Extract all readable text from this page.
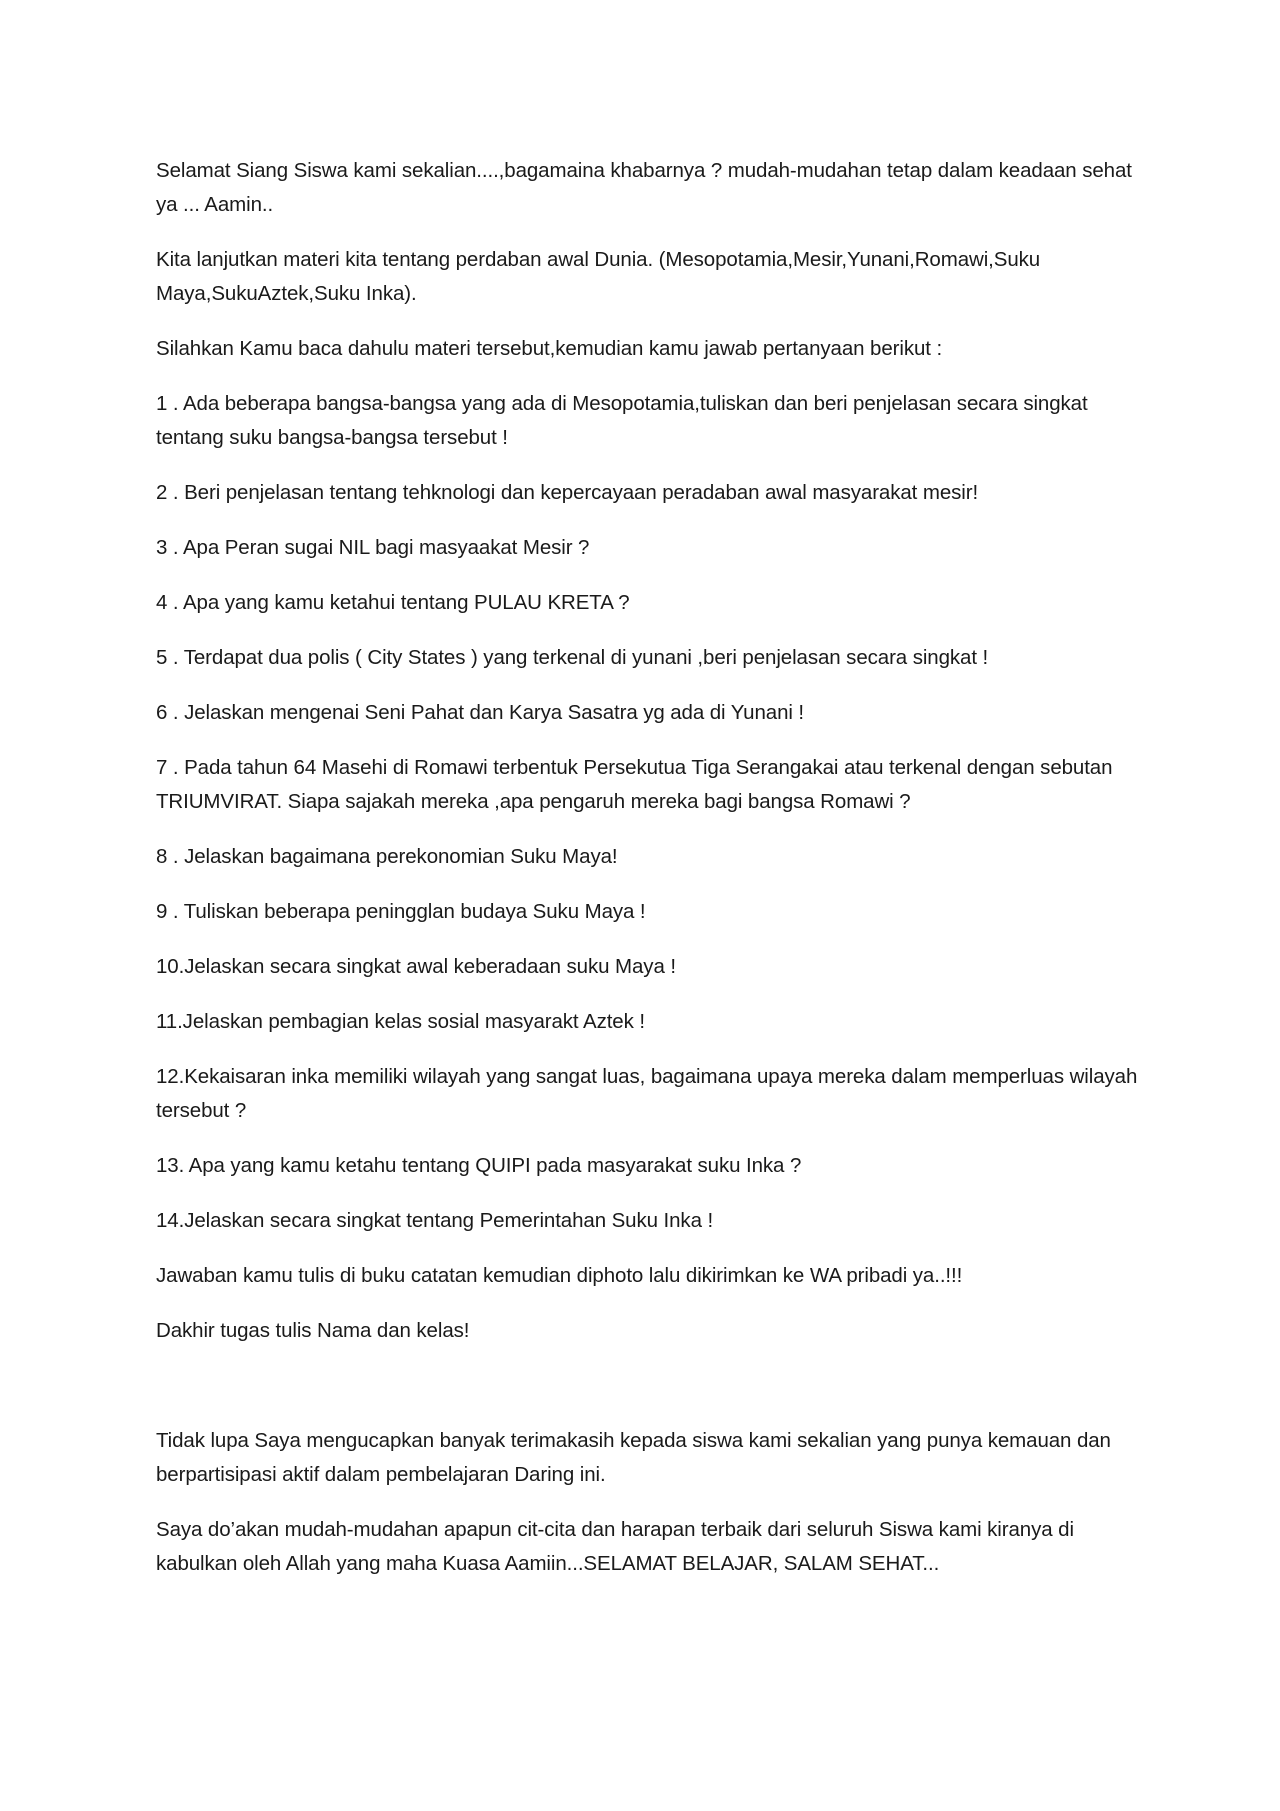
Selamat Siang Siswa kami sekalian....,bagamaina khabarnya ? mudah-mudahan tetap dalam keadaan sehat ya ... Aamin..

Kita lanjutkan materi kita tentang perdaban awal Dunia. (Mesopotamia,Mesir,Yunani,Romawi,Suku Maya,SukuAztek,Suku Inka).

Silahkan Kamu baca dahulu materi tersebut,kemudian kamu jawab pertanyaan berikut :

1 . Ada beberapa bangsa-bangsa yang ada di Mesopotamia,tuliskan dan beri penjelasan secara singkat tentang suku bangsa-bangsa tersebut !

2 . Beri penjelasan tentang tehknologi dan kepercayaan peradaban awal masyarakat mesir!

3 . Apa Peran sugai NIL bagi masyaakat Mesir ?

4 . Apa yang kamu ketahui tentang PULAU KRETA ?

5 . Terdapat dua polis ( City States ) yang terkenal di yunani ,beri penjelasan secara singkat !

6 . Jelaskan mengenai Seni Pahat dan Karya Sasatra yg ada di Yunani !

7 . Pada tahun 64 Masehi di Romawi terbentuk Persekutua Tiga Serangakai atau terkenal dengan sebutan TRIUMVIRAT. Siapa sajakah mereka ,apa pengaruh mereka bagi bangsa Romawi ?

8 . Jelaskan bagaimana perekonomian Suku Maya!

9 . Tuliskan beberapa peningglan budaya Suku Maya !

10.Jelaskan secara singkat awal keberadaan suku Maya !

11.Jelaskan pembagian kelas sosial masyarakt Aztek !

12.Kekaisaran inka memiliki wilayah yang sangat luas, bagaimana upaya mereka dalam memperluas wilayah tersebut ?

13. Apa yang kamu ketahu tentang QUIPI pada masyarakat suku Inka ?

14.Jelaskan secara singkat tentang Pemerintahan Suku Inka !

Jawaban kamu tulis di buku catatan kemudian diphoto lalu dikirimkan ke WA pribadi ya..!!!

Dakhir tugas tulis Nama dan kelas!

Tidak lupa Saya mengucapkan banyak terimakasih kepada siswa kami sekalian yang punya kemauan dan berpartisipasi aktif dalam pembelajaran Daring ini.

Saya do’akan mudah-mudahan apapun cit-cita dan harapan terbaik dari seluruh Siswa kami kiranya di kabulkan oleh Allah yang maha Kuasa Aamiin...SELAMAT BELAJAR, SALAM SEHAT...
